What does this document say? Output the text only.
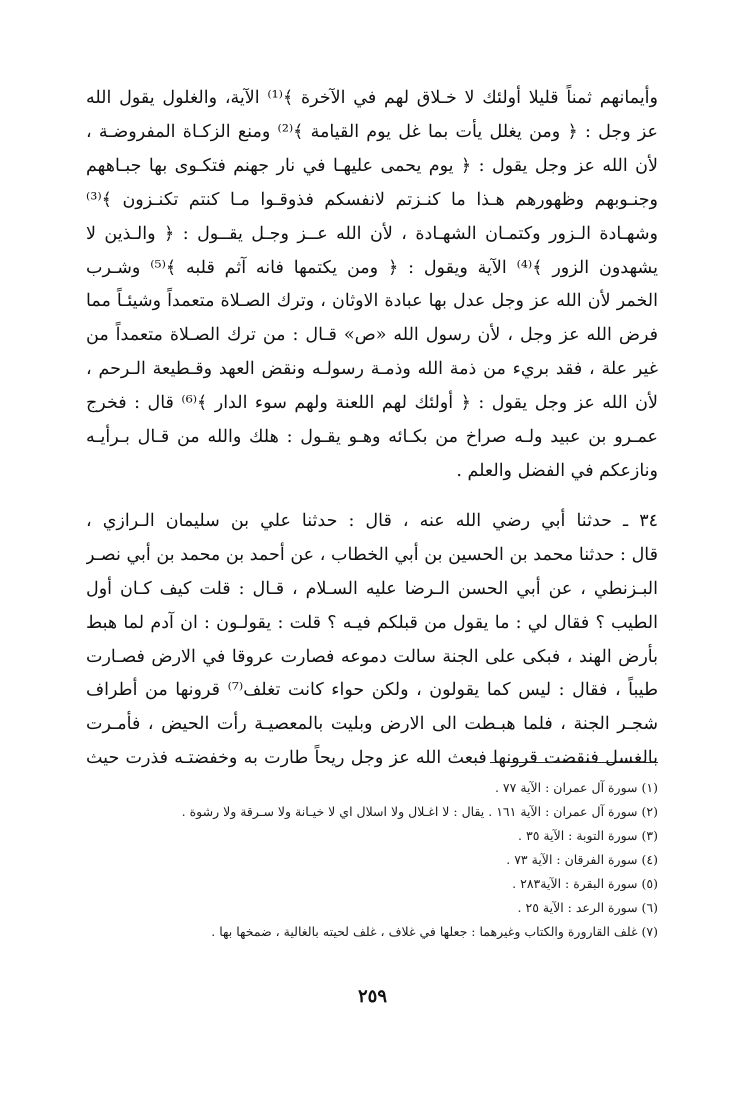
وأيمانهم ثمناً قليلا أولئك لا خـلاق لهم في الآخرة ﴾⁽¹⁾ الآية، والغلول يقول الله
عز وجل : ﴿ ومن يغلل يأت بما غل يوم القيامة ﴾⁽²⁾ ومنع الزكـاة المفروضـة ،
لأن الله عز وجل يقول : ﴿ يوم يحمى عليهـا في نار جهنم فتكـوى بها جبـاههم
وجنـوبهم وظهورهم هـذا ما كنـزتم لانفسكم فذوقـوا مـا كنتم تكنـزون ﴾⁽³⁾
وشهـادة الـزور وكتمـان الشهـادة ، لأن الله عــز وجـل يقــول : ﴿ والـذين لا
يشهدون الزور ﴾⁽⁴⁾ الآية ويقول : ﴿ ومن يكتمها فانه آثم قلبه ﴾⁽⁵⁾ وشـرب
الخمر لأن الله عز وجل عدل بها عبادة الاوثان ، وترك الصـلاة متعمداً وشيئـاً مما
فرض الله عز وجل ، لأن رسول الله «ص» قـال : من ترك الصـلاة متعمداً من
غير علة ، فقد بريء من ذمة الله وذمـة رسولـه ونقض العهد وقـطيعة الـرحم ،
لأن الله عز وجل يقول : ﴿ أولئك لهم اللعنة ولهم سوء الدار ﴾⁽⁶⁾ قال : فخرج
عمـرو بن عبيد ولـه صراخ من بكـائه وهـو يقـول : هلك والله من قـال بـرأيـه
ونازعكم في الفضل والعلم .
٣٤ ـ حدثنا أبي رضي الله عنه ، قال : حدثنا علي بن سليمان الـرازي ،
قال : حدثنا محمد بن الحسين بن أبي الخطاب ، عن أحمد بن محمد بن أبي نصـر
البـزنطي ، عن أبي الحسن الـرضا عليه السـلام ، قـال : قلت كيف كـان أول
الطيب ؟ فقال لي : ما يقول من قبلكم فيـه ؟ قلت : يقولـون : ان آدم لما هبط
بأرض الهند ، فبكى على الجنة سالت دموعه فصارت عروقا في الارض فصـارت
طيباً ، فقال : ليس كما يقولون ، ولكن حواء كانت تغلف⁽⁷⁾ قرونها من أطراف
شجـر الجنة ، فلما هبـطت الى الارض وبليت بالمعصيـة رأت الحيض ، فأمـرت
بالغسل فنقضت قرونها فبعث الله عز وجل ريحاً طارت به وخفضتـه فذرت حيث
(١) سورة آل عمران : الآية ٧٧ .
(٢) سورة آل عمران : الآية ١٦١ . يقال : لا اغـلال ولا اسلال اي لا خيـانة ولا سـرقة ولا رشوة .
(٣) سورة التوبة : الآية ٣٥ .
(٤) سورة الفرقان : الآية ٧٣ .
(٥) سورة البقرة : الآية٢٨٣ .
(٦) سورة الرعد : الآية ٢٥ .
(٧) غلف القارورة والكتاب وغيرهما : جعلها في غلاف ، غلف لحيته بالغالية ، ضمخها بها .
٢٥٩
